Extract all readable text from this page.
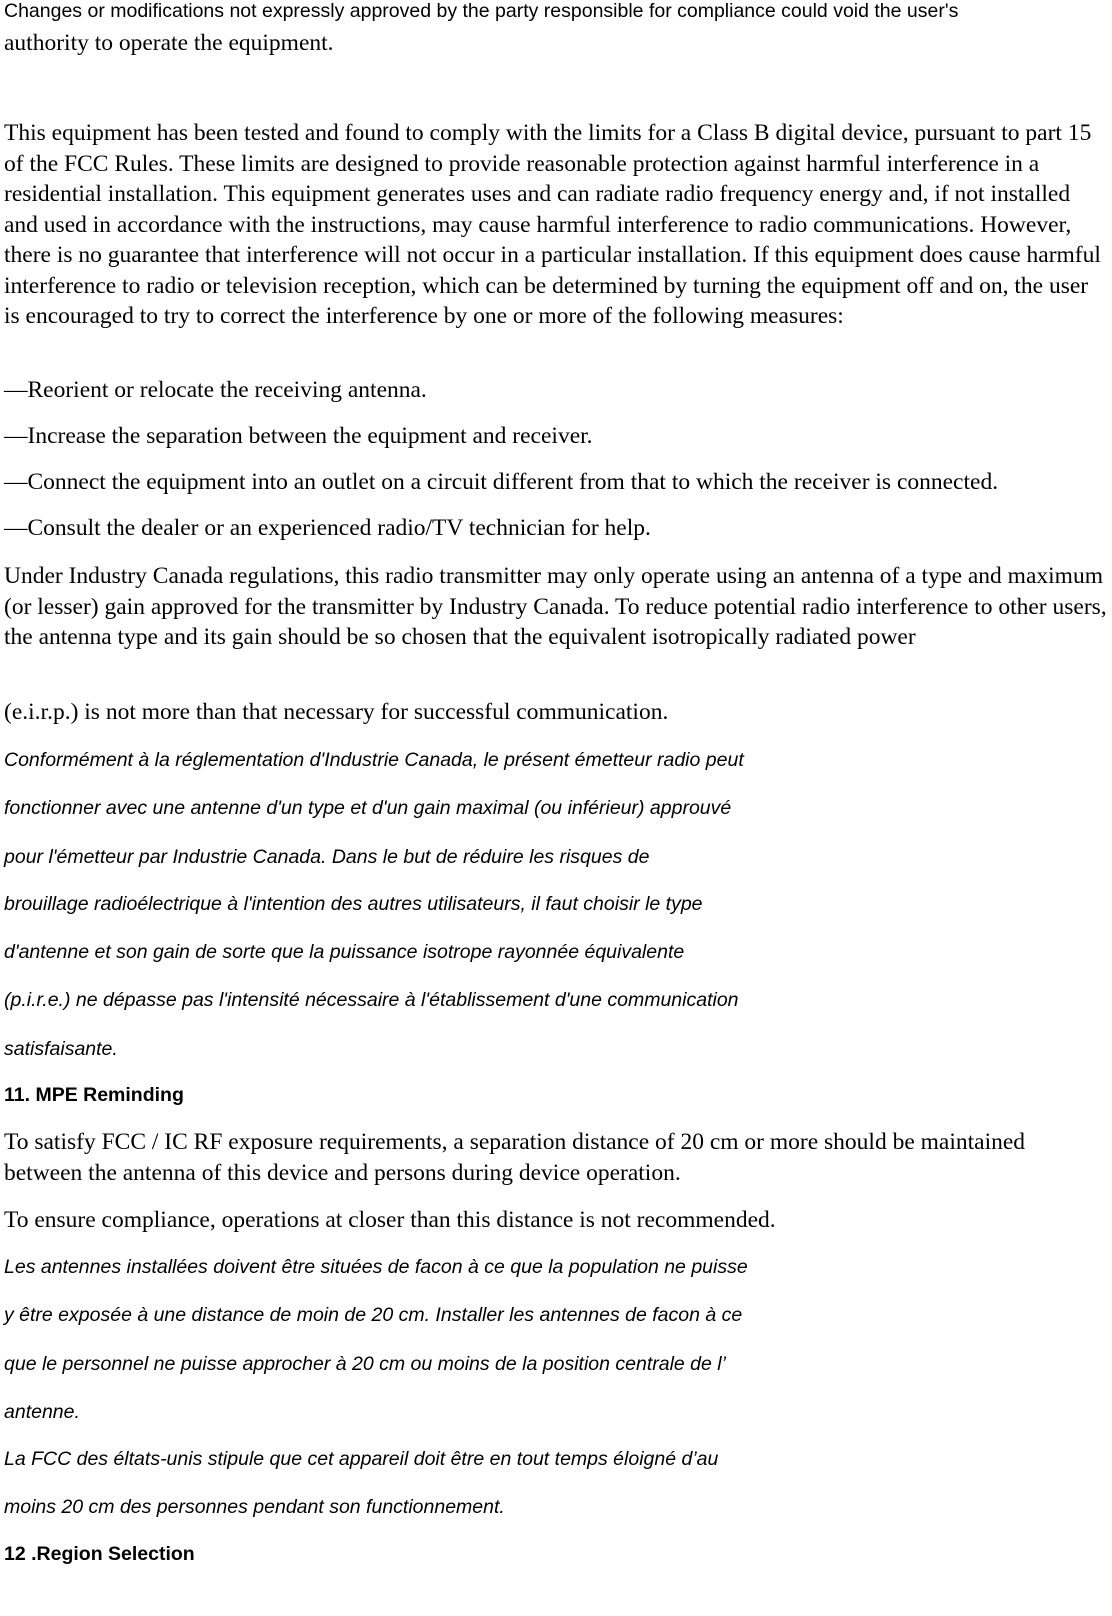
Changes or modifications not expressly approved by the party responsible for compliance could void the user's
authority to operate the equipment.
This equipment has been tested and found to comply with the limits for a Class B digital device, pursuant to part 15 of the FCC Rules. These limits are designed to provide reasonable protection against harmful interference in a residential installation. This equipment generates uses and can radiate radio frequency energy and, if not installed and used in accordance with the instructions, may cause harmful interference to radio communications. However, there is no guarantee that interference will not occur in a particular installation. If this equipment does cause harmful interference to radio or television reception, which can be determined by turning the equipment off and on, the user is encouraged to try to correct the interference by one or more of the following measures:
—Reorient or relocate the receiving antenna.
—Increase the separation between the equipment and receiver.
—Connect the equipment into an outlet on a circuit different from that to which the receiver is connected.
—Consult the dealer or an experienced radio/TV technician for help.
Under Industry Canada regulations, this radio transmitter may only operate using an antenna of a type and maximum (or lesser) gain approved for the transmitter by Industry Canada. To reduce potential radio interference to other users, the antenna type and its gain should be so chosen that the equivalent isotropically radiated power
(e.i.r.p.) is not more than that necessary for successful communication.
Conformément à la réglementation d'Industrie Canada, le présent émetteur radio peut
fonctionner avec une antenne d'un type et d'un gain maximal (ou inférieur) approuvé
pour l'émetteur par Industrie Canada. Dans le but de réduire les risques de
brouillage radioélectrique à l'intention des autres utilisateurs, il faut choisir le type
d'antenne et son gain de sorte que la puissance isotrope rayonnée équivalente
(p.i.r.e.) ne dépasse pas l'intensité nécessaire à l'établissement d'une communication
satisfaisante.
11. MPE Reminding
To satisfy FCC / IC RF exposure requirements, a separation distance of 20 cm or more should be maintained between the antenna of this device and persons during device operation.
To ensure compliance, operations at closer than this distance is not recommended.
Les antennes installées doivent être situées de facon à ce que la population ne puisse
y être exposée à une distance de moin de 20 cm. Installer les antennes de facon à ce
que le personnel ne puisse approcher à 20 cm ou moins de la position centrale de l’
antenne.
La FCC des éltats-unis stipule que cet appareil doit être en tout temps éloigné d’au
moins 20 cm des personnes pendant son functionnement.
12 .Region Selection
